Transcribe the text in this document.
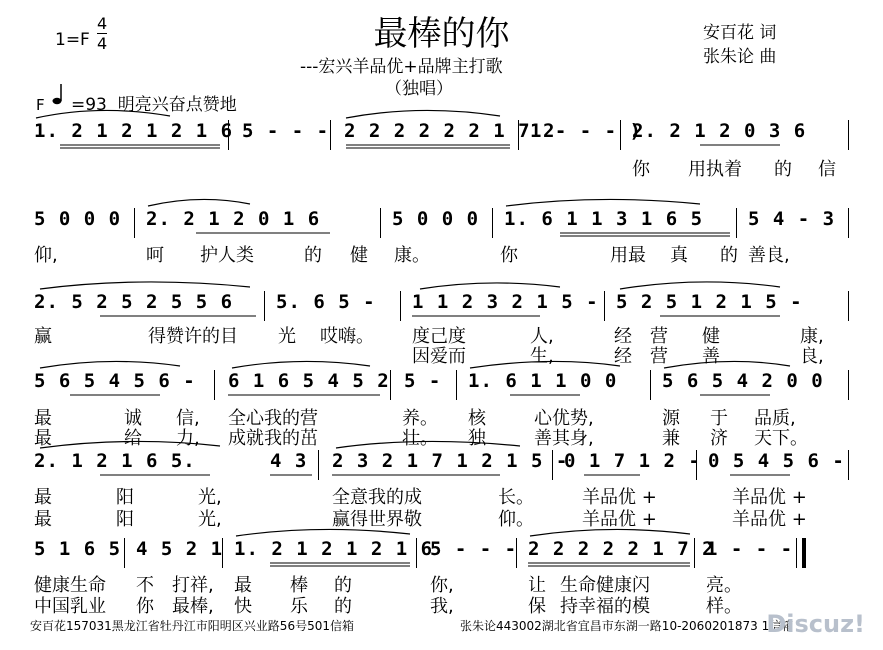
最棒的你
---宏兴羊品优+品牌主打歌
（独唱）
安百花 词
张朱论 曲
$1=F \frac{4}{4}$
F =93 明亮兴奋点赞地
1. 2 1 2 1 2 1 6 5 - - - 2 2 2 2 2 2 1 7 2
1 - - - )
2. 2 1 2 0 3 6
你 用执着 的 信
5 0 0 0 2. 2 1 2 0 1 6	5 0 0 0 1. 6 1 1 3 1 6 5 5 4 - 3
仰,	呵 护人类	的 健 康。	你	用最 真 的 善良,
2. 5 2 5 2 5 5 6 5. 6 5 - 1 1 2 3 2 1 5 - 5 2 5 1 2 1 5 -
赢	得赞许的目 光 哎嗨。 度己度	人,	经 营 健	康,
因爱而	生,	经 营 善	良,
5 6 5 4 5 6 - 6 1 6 5 4 5 2 5 - 1. 6 1 1 0 0 5 6 5 4 2 0 0
最	诚 信, 全心我的营	养。 核	心优势,	源 于 品质,
最	给 力, 成就我的茁	壮。 独	善其身,	兼 济 天下。
2. 1 2 1 6 5.	4 3 2 3 2 1 7 1 2 1 5 -
0 1 7 1 2 - 0 5 4 5 6 -
最	阳	光,	全意我的成	长。	羊品优 +	羊品优 +
最	阳	光,	赢得世界敬	仰。	羊品优 +	羊品优 +
5 1 6 5 4 5 2 1 1. 2 1 2 1 2 1 6
5 - - - 2 2 2 2 2 1 7 2
1 - - -
健康生命 不 打祥, 最 棒 的	你,	让 生命健康闪	亮。
中国乳业 你 最棒, 快 乐 的	我,	保 持幸福的模	样。
安百花157031黑龙江省牡丹江市阳明区兴业路56号501信箱	张朱论443002湖北省宜昌市东湖一路10-2060201873 1信箱
Discuz!
